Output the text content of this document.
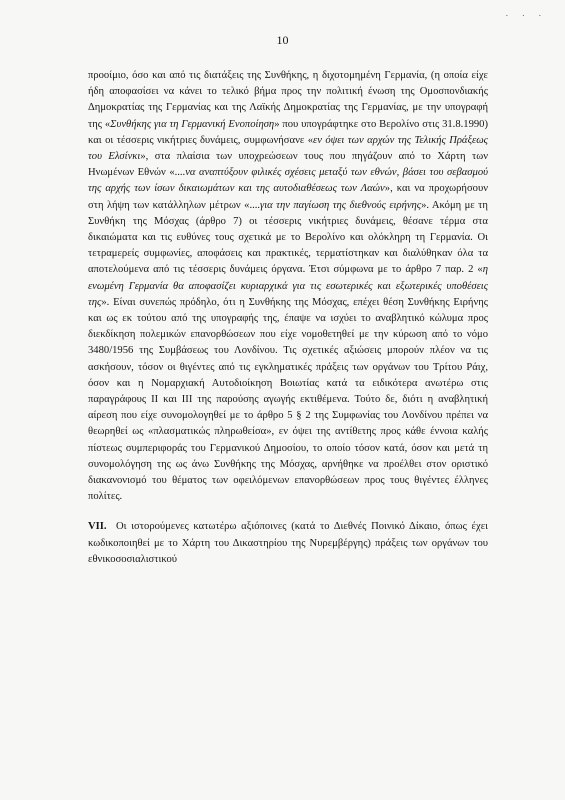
. . .
10

προοίμιο, όσο και από τις διατάξεις της Συνθήκης, η διχοτομημένη Γερμανία, (η οποία είχε ήδη αποφασίσει να κάνει το τελικό βήμα προς την πολιτική ένωση της Ομοσπονδιακής Δημοκρατίας της Γερμανίας και της Λαϊκής Δημοκρατίας της Γερμανίας, με την υπογραφή της «Συνθήκης για τη Γερμανική Ενοποίηση» που υπογράφτηκε στο Βερολίνο στις 31.8.1990) και οι τέσσερις νικήτριες δυνάμεις, συμφωνήσανε «εν όψει των αρχών της Τελικής Πράξεως του Ελσίνκι», στα πλαίσια των υποχρεώσεων τους που πηγάζουν από το Χάρτη των Ηνωμένων Εθνών «....να αναπτύξουν φιλικές σχέσεις μεταξύ των εθνών, βάσει του σεβασμού της αρχής των ίσων δικαιωμάτων και της αυτοδιαθέσεως των Λαών», και να προχωρήσουν στη λήψη των κατάλληλων μέτρων «....για την παγίωση της διεθνούς ειρήνης». Ακόμη με τη Συνθήκη της Μόσχας (άρθρο 7) οι τέσσερις νικήτριες δυνάμεις, θέσανε τέρμα στα δικαιώματα και τις ευθύνες τους σχετικά με το Βερολίνο και ολόκληρη τη Γερμανία. Οι τετραμερείς συμφωνίες, αποφάσεις και πρακτικές, τερματίστηκαν και διαλύθηκαν όλα τα αποτελούμενα από τις τέσσερις δυνάμεις όργανα. Έτσι σύμφωνα με το άρθρο 7 παρ. 2 «η ενωμένη Γερμανία θα αποφασίζει κυριαρχικά για τις εσωτερικές και εξωτερικές υποθέσεις της». Είναι συνεπώς πρόδηλο, ότι η Συνθήκης της Μόσχας, επέχει θέση Συνθήκης Ειρήνης και ως εκ τούτου από της υπογραφής της, έπαψε να ισχύει το αναβλητικό κώλυμα προς διεκδίκηση πολεμικών επανορθώσεων που είχε νομοθετηθεί με την κύρωση από το νόμο 3480/1956 της Συμβάσεως του Λονδίνου. Τις σχετικές αξιώσεις μπορούν πλέον να τις ασκήσουν, τόσον οι θιγέντες από τις εγκληματικές πράξεις των οργάνων του Τρίτου Ράιχ, όσον και η Νομαρχιακή Αυτοδιοίκηση Βοιωτίας κατά τα ειδικότερα ανωτέρω στις παραγράφους ΙΙ και ΙΙΙ της παρούσης αγωγής εκτιθέμενα. Τούτο δε, διότι η αναβλητική αίρεση που είχε συνομολογηθεί με το άρθρο 5 § 2 της Συμφωνίας του Λονδίνου πρέπει να θεωρηθεί ως «πλασματικώς πληρωθείσα», εν όψει της αντίθετης προς κάθε έννοια καλής πίστεως συμπεριφοράς του Γερμανικού Δημοσίου, το οποίο τόσον κατά, όσον και μετά τη συνομολόγηση της ως άνω Συνθήκης της Μόσχας, αρνήθηκε να προέλθει στον οριστικό διακανονισμό του θέματος των οφειλόμενων επανορθώσεων προς τους θιγέντες έλληνες πολίτες.

VII. Οι ιστορούμενες κατωτέρω αξιόποινες (κατά το Διεθνές Ποινικό Δίκαιο, όπως έχει κωδικοποιηθεί με το Χάρτη του Δικαστηρίου της Νυρεμβέργης) πράξεις των οργάνων του εθνικοσοσιαλιστικού
